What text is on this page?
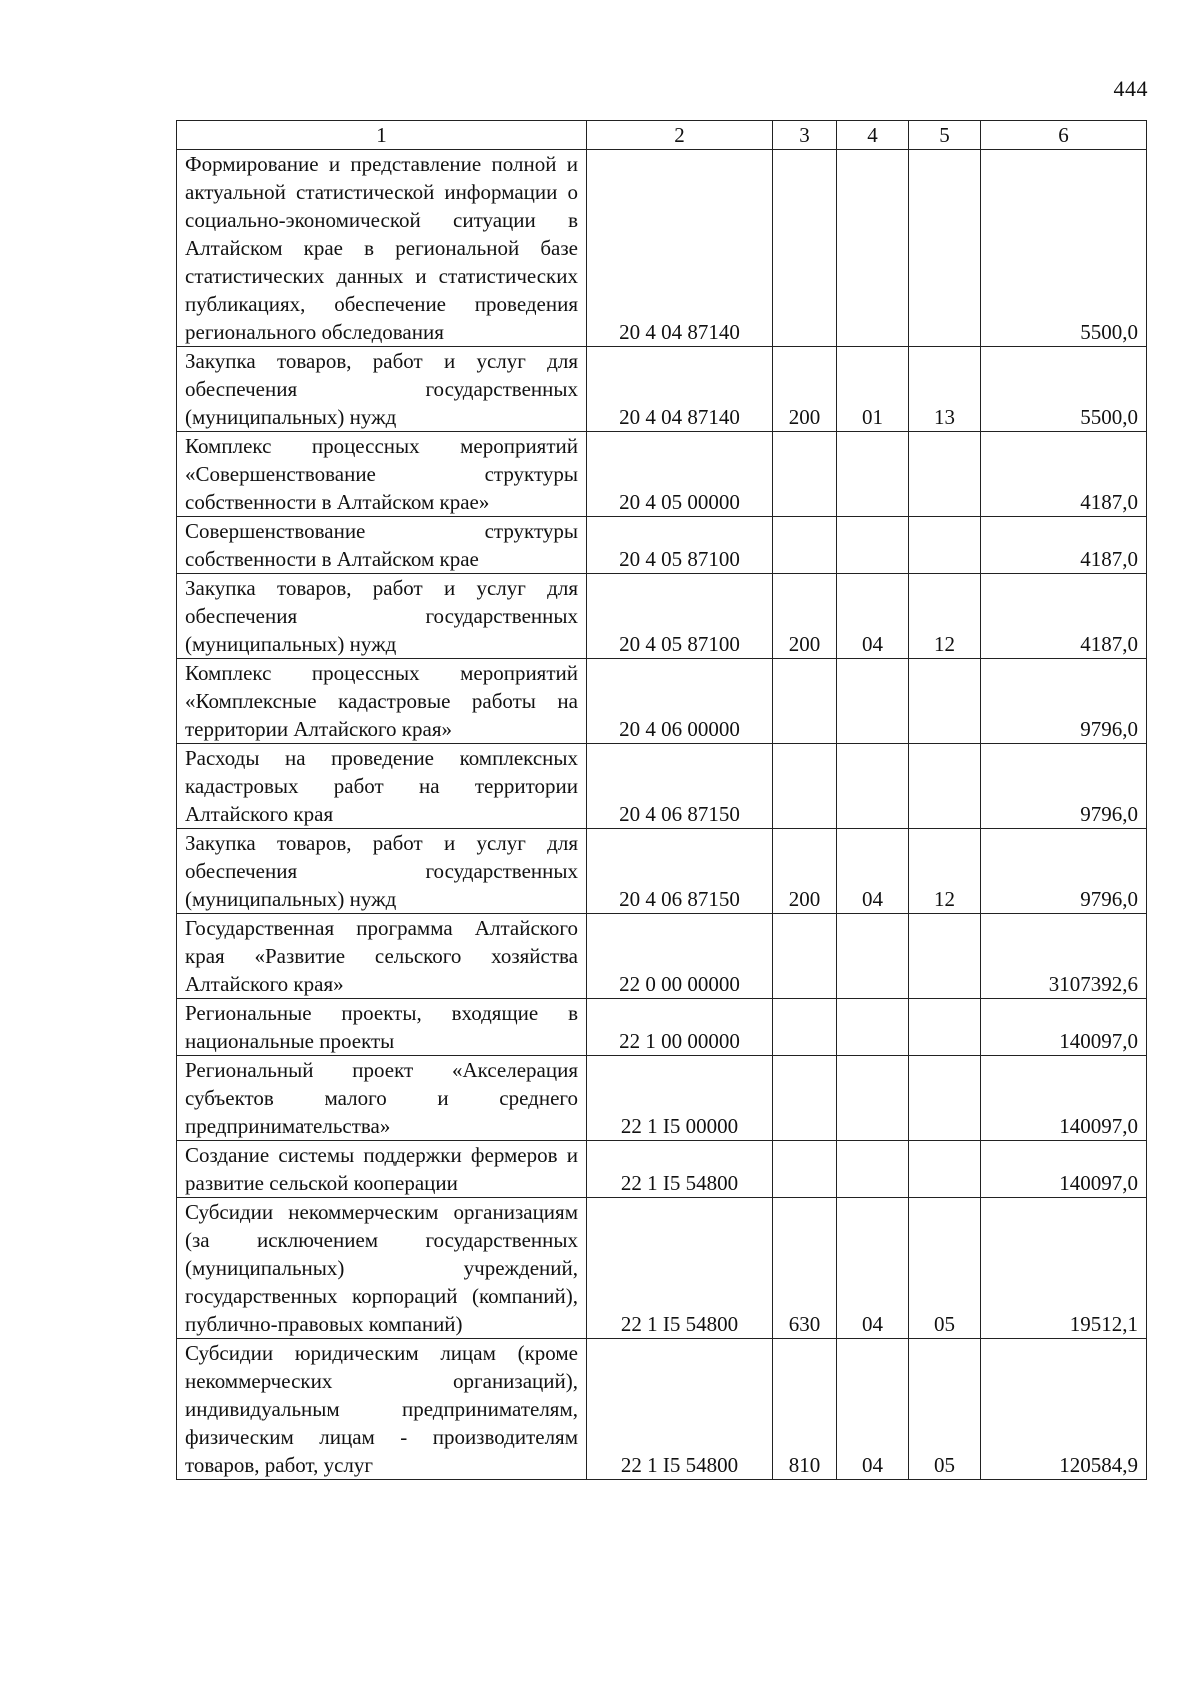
444
1	2	3	4	5	6
Формирование и представление полной и актуальной статистической информации о социально-экономической ситуации в Алтайском крае в региональной базе статистических данных и статистических публикациях, обеспечение проведения регионального обследования	20 4 04 87140				5500,0
Закупка товаров, работ и услуг для обеспечения государственных (муниципальных) нужд	20 4 04 87140	200	01	13	5500,0
Комплекс процессных мероприятий «Совершенствование структуры собственности в Алтайском крае»	20 4 05 00000				4187,0
Совершенствование структуры собственности в Алтайском крае	20 4 05 87100				4187,0
Закупка товаров, работ и услуг для обеспечения государственных (муниципальных) нужд	20 4 05 87100	200	04	12	4187,0
Комплекс процессных мероприятий «Комплексные кадастровые работы на территории Алтайского края»	20 4 06 00000				9796,0
Расходы на проведение комплексных кадастровых работ на территории Алтайского края	20 4 06 87150				9796,0
Закупка товаров, работ и услуг для обеспечения государственных (муниципальных) нужд	20 4 06 87150	200	04	12	9796,0
Государственная программа Алтайского края «Развитие сельского хозяйства Алтайского края»	22 0 00 00000				3107392,6
Региональные проекты, входящие в национальные проекты	22 1 00 00000				140097,0
Региональный проект «Акселерация субъектов малого и среднего предпринимательства»	22 1 I5 00000				140097,0
Создание системы поддержки фермеров и развитие сельской кооперации	22 1 I5 54800				140097,0
Субсидии некоммерческим организациям (за исключением государственных (муниципальных) учреждений, государственных корпораций (компаний), публично-правовых компаний)	22 1 I5 54800	630	04	05	19512,1
Субсидии юридическим лицам (кроме некоммерческих организаций), индивидуальным предпринимателям, физическим лицам - производителям товаров, работ, услуг	22 1 I5 54800	810	04	05	120584,9
